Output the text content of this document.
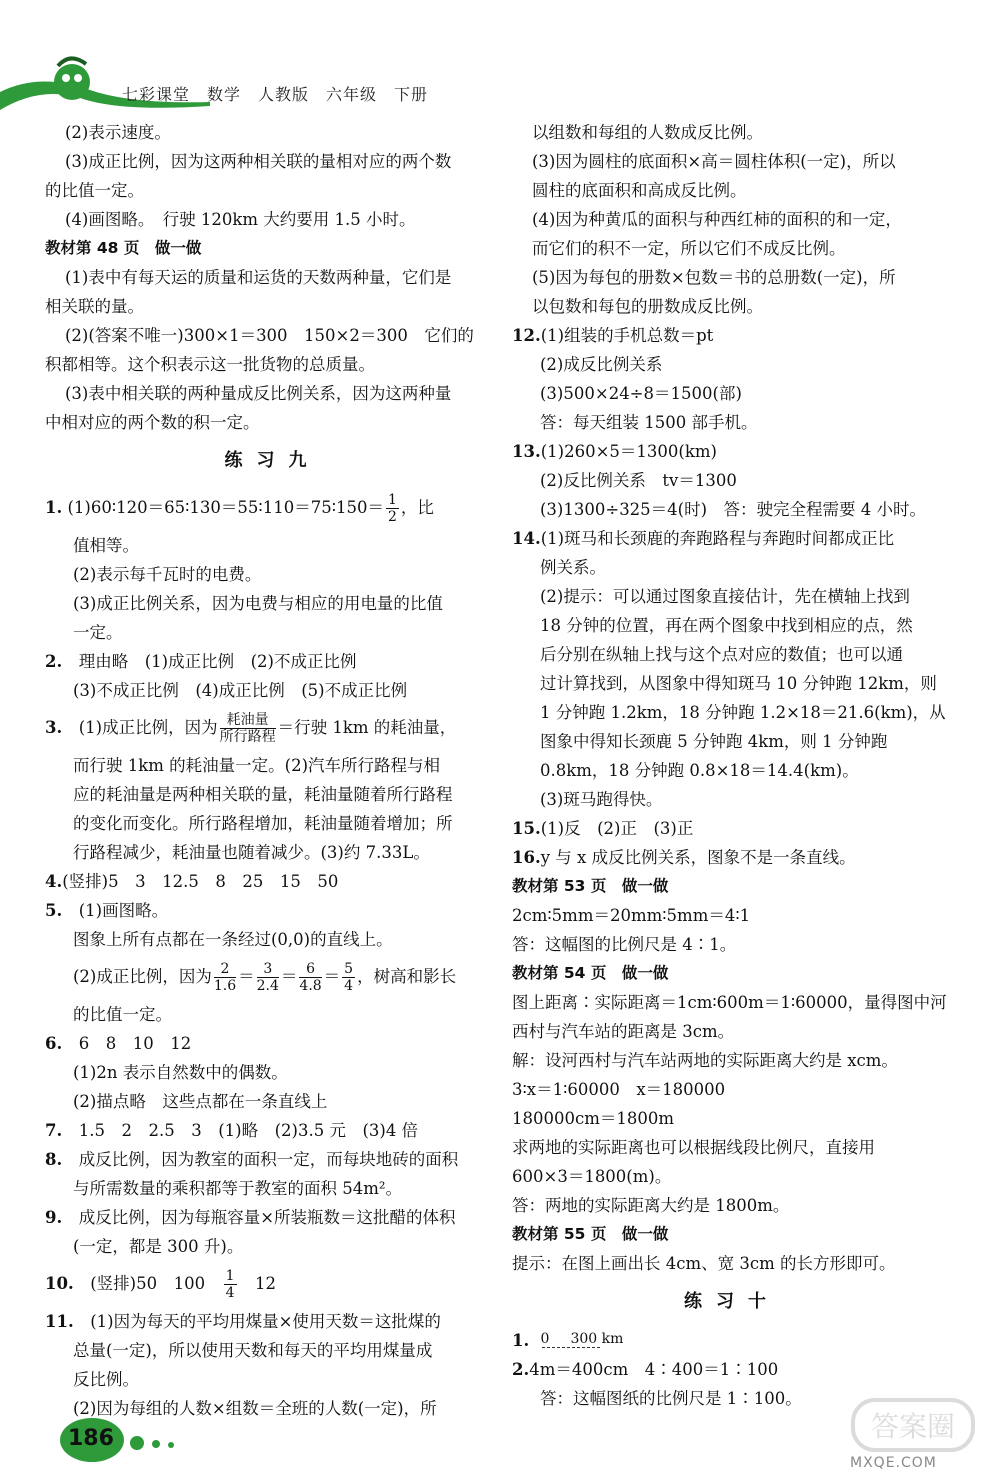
七彩课堂　数学　人教版　六年级　下册
(2)表示速度。
(3)成正比例，因为这两种相关联的量相对应的两个数
的比值一定。
(4)画图略。　行驶 120km 大约要用 1.5 小时。
教材第 48 页　做一做
(1)表中有每天运的质量和运货的天数两种量，它们是
相关联的量。
(2)(答案不唯一)300×1＝300　150×2＝300　它们的
积都相等。这个积表示这一批货物的总质量。
(3)表中相关联的两种量成反比例关系，因为这两种量
中相对应的两个数的积一定。
练习九
1. (1)60∶120＝65∶130＝55∶110＝75∶150＝ $\frac{1}{2}$ ，比
值相等。
(2)表示每千瓦时的电费。
(3)成正比例关系，因为电费与相应的用电量的比值
一定。
2.　 理由略　(1)成正比例　(2)不成正比例
(3)不成正比例　(4)成正比例　(5)不成正比例
3.　 (1)成正比例，因为 $\frac{\text{耗油量}}{\text{所行路程}}$ ＝行驶 1km 的耗油量，
而行驶 1km 的耗油量一定。(2)汽车所行路程与相
应的耗油量是两种相关联的量，耗油量随着所行路程
的变化而变化。所行路程增加，耗油量随着增加；所
行路程减少，耗油量也随着减少。(3)约 7.33L。
4.(竖排)5　3　12.5　8　25　15　50
5.　 (1)画图略。
图象上所有点都在一条经过(0,0)的直线上。
(2)成正比例，因为 $\frac{2}{1.6} = \frac{3}{2.4} = \frac{6}{4.8} = \frac{5}{4}$ ，树高和影长
的比值一定。
6.　 6　8　10　12
(1)2n 表示自然数中的偶数。
(2)描点略　这些点都在一条直线上
7.　 1.5　2　2.5　3　(1)略　(2)3.5 元　(3)4 倍
8.　 成反比例，因为教室的面积一定，而每块地砖的面积
与所需数量的乘积都等于教室的面积 54m²。
9.　 成反比例，因为每瓶容量×所装瓶数＝这批醋的体积
(一定，都是 300 升)。
10.　 (竖排)50　100　 $\frac{1}{4}$
　 12
11.　 (1)因为每天的平均用煤量×使用天数＝这批煤的
总量(一定)，所以使用天数和每天的平均用煤量成
反比例。
(2)因为每组的人数×组数＝全班的人数(一定)，所
以组数和每组的人数成反比例。
(3)因为圆柱的底面积×高＝圆柱体积(一定)，所以
圆柱的底面积和高成反比例。
(4)因为种黄瓜的面积与种西红柿的面积的和一定，
而它们的积不一定，所以它们不成反比例。
(5)因为每包的册数×包数＝书的总册数(一定)，所
以包数和每包的册数成反比例。
12.(1)组装的手机总数＝pt
(2)成反比例关系
(3)500×24÷8＝1500(部)
答：每天组装 1500 部手机。
13.(1)260×5＝1300(km)
(2)反比例关系　tv＝1300
(3)1300÷325＝4(时)　答：驶完全程需要 4 小时。
14.(1)斑马和长颈鹿的奔跑路程与奔跑时间都成正比
例关系。
(2)提示：可以通过图象直接估计，先在横轴上找到
18 分钟的位置，再在两个图象中找到相应的点，然
后分别在纵轴上找与这个点对应的数值；也可以通
过计算找到，从图象中得知斑马 10 分钟跑 12km，则
1 分钟跑 1.2km，18 分钟跑 1.2×18＝21.6(km)，从
图象中得知长颈鹿 5 分钟跑 4km，则 1 分钟跑
0.8km，18 分钟跑 0.8×18＝14.4(km)。
(3)斑马跑得快。
15.(1)反　(2)正　(3)正
16.y 与 x 成反比例关系，图象不是一条直线。
教材第 53 页　做一做
2cm∶5mm＝20mm∶5mm＝4∶1
答：这幅图的比例尺是 4∶1。
教材第 54 页　做一做
图上距离∶实际距离＝1cm∶600m＝1∶60000，量得图中河
西村与汽车站的距离是 3cm。
解：设河西村与汽车站两地的实际距离大约是 xcm。
3∶x＝1∶60000　x＝180000
180000cm＝1800m
求两地的实际距离也可以根据线段比例尺，直接用
600×3＝1800(m)。
答：两地的实际距离大约是 1800m。
教材第 55 页　做一做
提示：在图上画出长 4cm、宽 3cm 的长方形即可。
练习十
1. 0 300 km
2.4m＝400cm　4∶400＝1∶100
答：这幅图纸的比例尺是 1∶100。
186	答案圈
MXQE.COM
